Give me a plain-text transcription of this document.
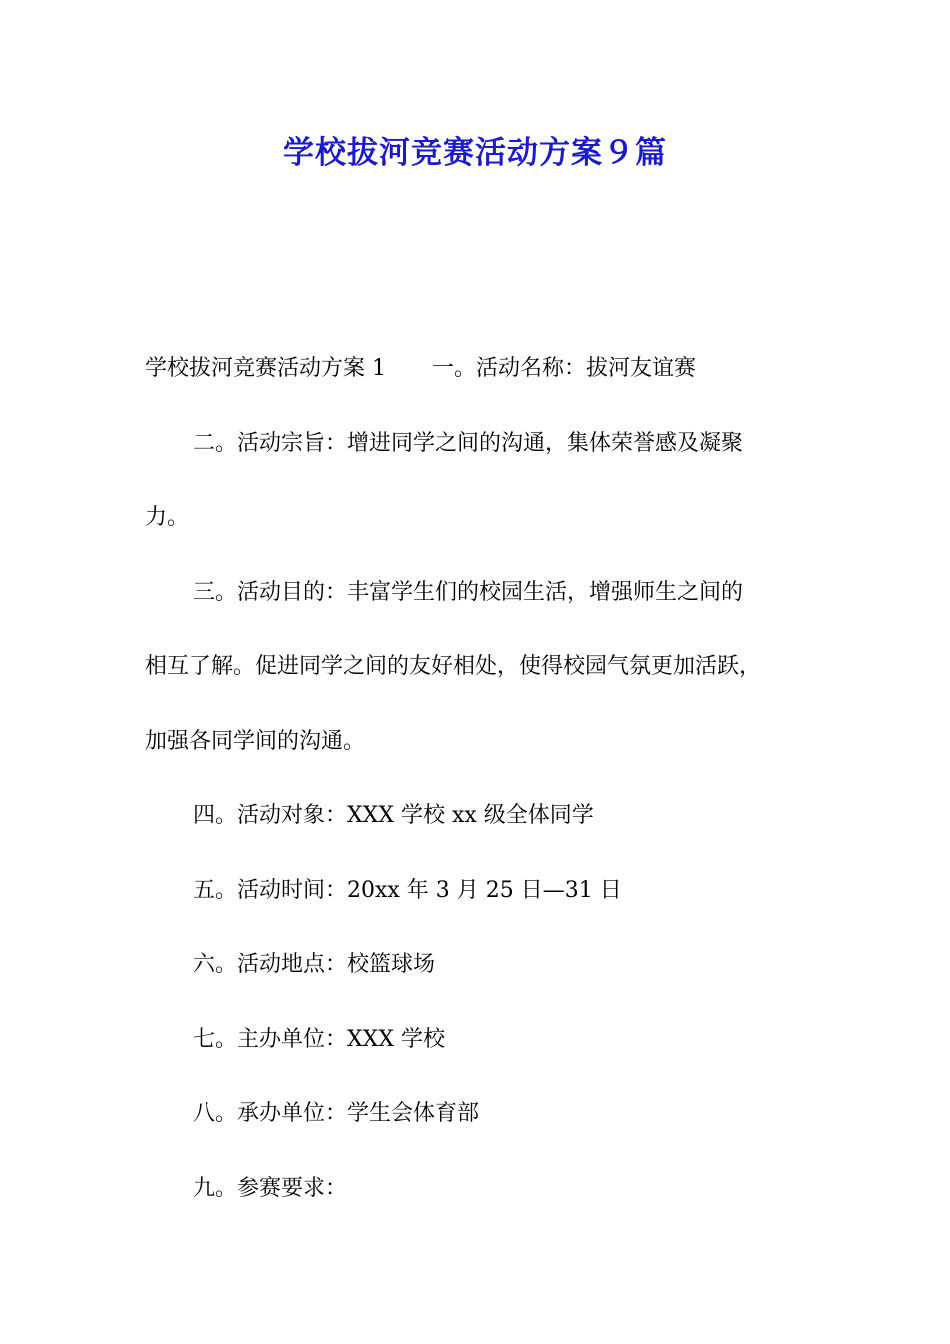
学校拔河竞赛活动方案９篇

学校拔河竞赛活动方案 1 一。活动名称：拔河友谊赛

二。活动宗旨：增进同学之间的沟通，集体荣誉感及凝聚

力。

三。活动目的：丰富学生们的校园生活，增强师生之间的

相互了解。促进同学之间的友好相处，使得校园气氛更加活跃，

加强各同学间的沟通。

四。活动对象：XXX 学校 xx 级全体同学

五。活动时间：20xx 年 3 月 25 日—31 日

六。活动地点：校篮球场

七。主办单位：XXX 学校

八。承办单位：学生会体育部

九。参赛要求：
